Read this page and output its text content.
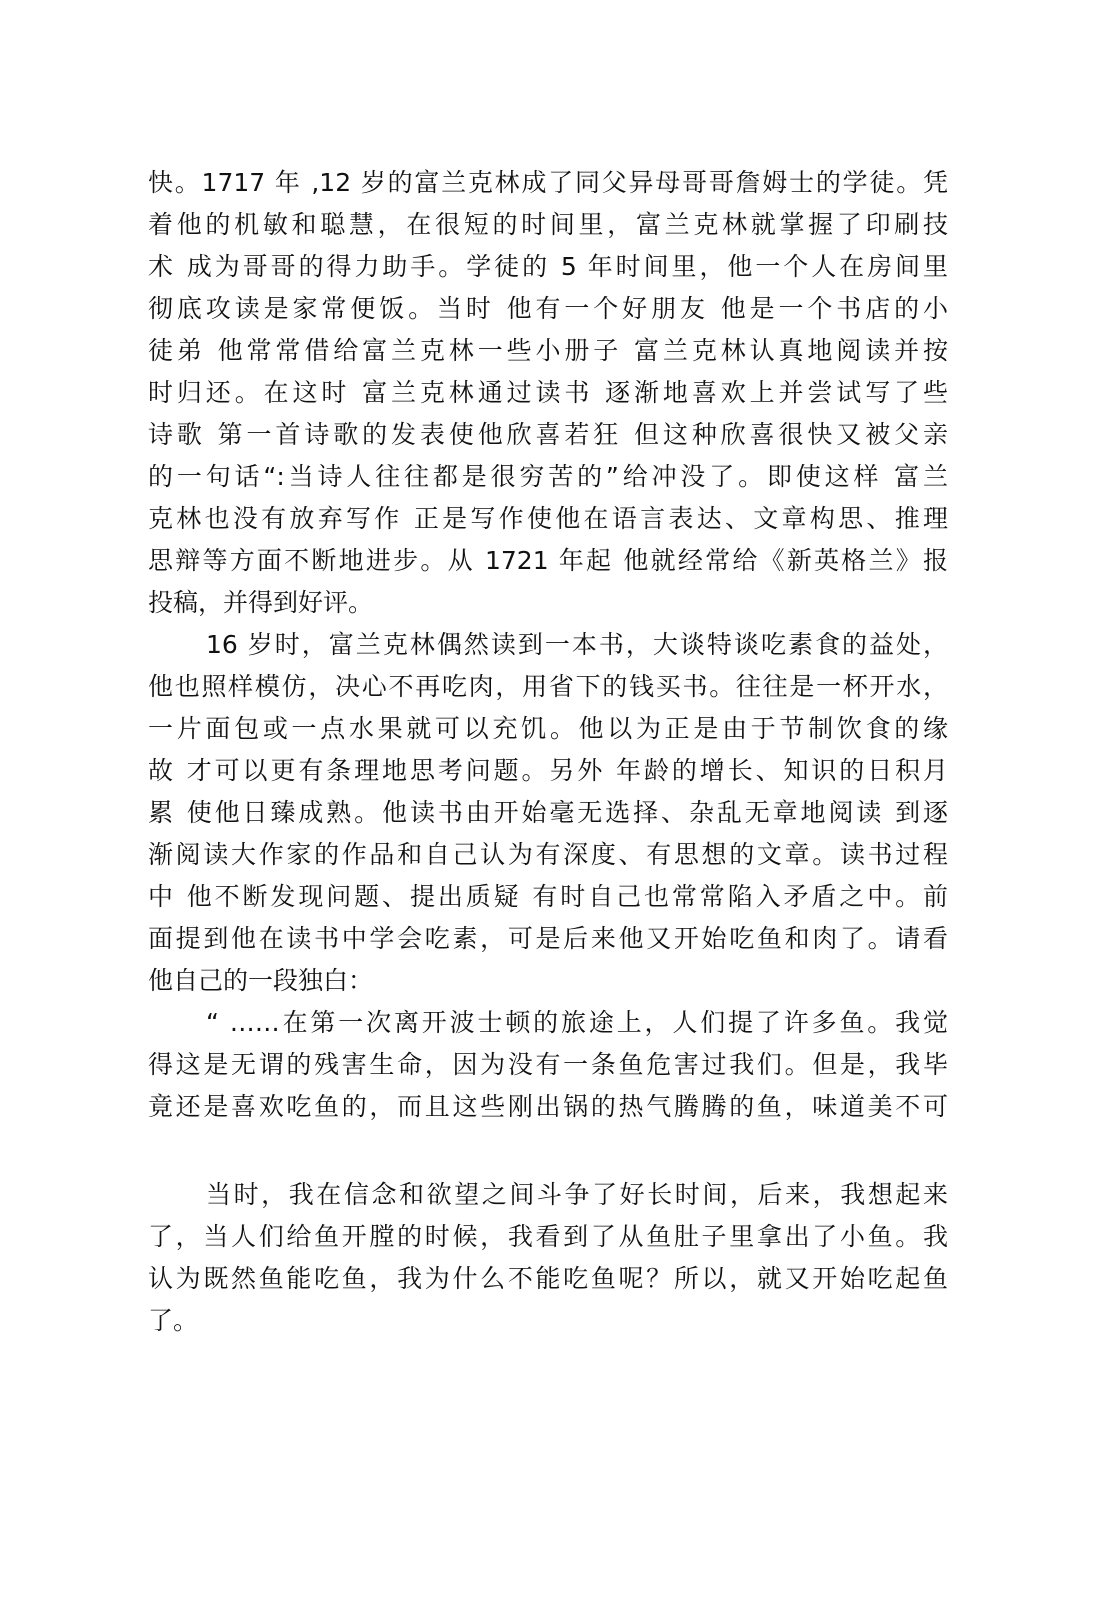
快。1717 年 ,12 岁的富兰克林成了同父异母哥哥詹姆士的学徒。凭
着他的机敏和聪慧，在很短的时间里，富兰克林就掌握了印刷技
术 成为哥哥的得力助手。学徒的 5 年时间里，他一个人在房间里
彻底攻读是家常便饭。当时 他有一个好朋友 他是一个书店的小
徒弟 他常常借给富兰克林一些小册子 富兰克林认真地阅读并按
时归还。在这时 富兰克林通过读书 逐渐地喜欢上并尝试写了些
诗歌 第一首诗歌的发表使他欣喜若狂 但这种欣喜很快又被父亲
的一句话“:当诗人往往都是很穷苦的”给冲没了。即使这样 富兰
克林也没有放弃写作 正是写作使他在语言表达、文章构思、推理
思辩等方面不断地进步。从 1721 年起 他就经常给《新英格兰》报
投稿，并得到好评。
16 岁时，富兰克林偶然读到一本书，大谈特谈吃素食的益处，
他也照样模仿，决心不再吃肉，用省下的钱买书。往往是一杯开水，
一片面包或一点水果就可以充饥。他以为正是由于节制饮食的缘
故 才可以更有条理地思考问题。另外 年龄的增长、知识的日积月
累 使他日臻成熟。他读书由开始毫无选择、杂乱无章地阅读 到逐
渐阅读大作家的作品和自己认为有深度、有思想的文章。读书过程
中 他不断发现问题、提出质疑 有时自己也常常陷入矛盾之中。前
面提到他在读书中学会吃素，可是后来他又开始吃鱼和肉了。请看
他自己的一段独白：
“ ……在第一次离开波士顿的旅途上，人们提了许多鱼。我觉
得这是无谓的残害生命，因为没有一条鱼危害过我们。但是，我毕
竟还是喜欢吃鱼的，而且这些刚出锅的热气腾腾的鱼，味道美不可
当时，我在信念和欲望之间斗争了好长时间，后来，我想起来
了，当人们给鱼开膛的时候，我看到了从鱼肚子里拿出了小鱼。我
认为既然鱼能吃鱼，我为什么不能吃鱼呢？所以，就又开始吃起鱼
了。
